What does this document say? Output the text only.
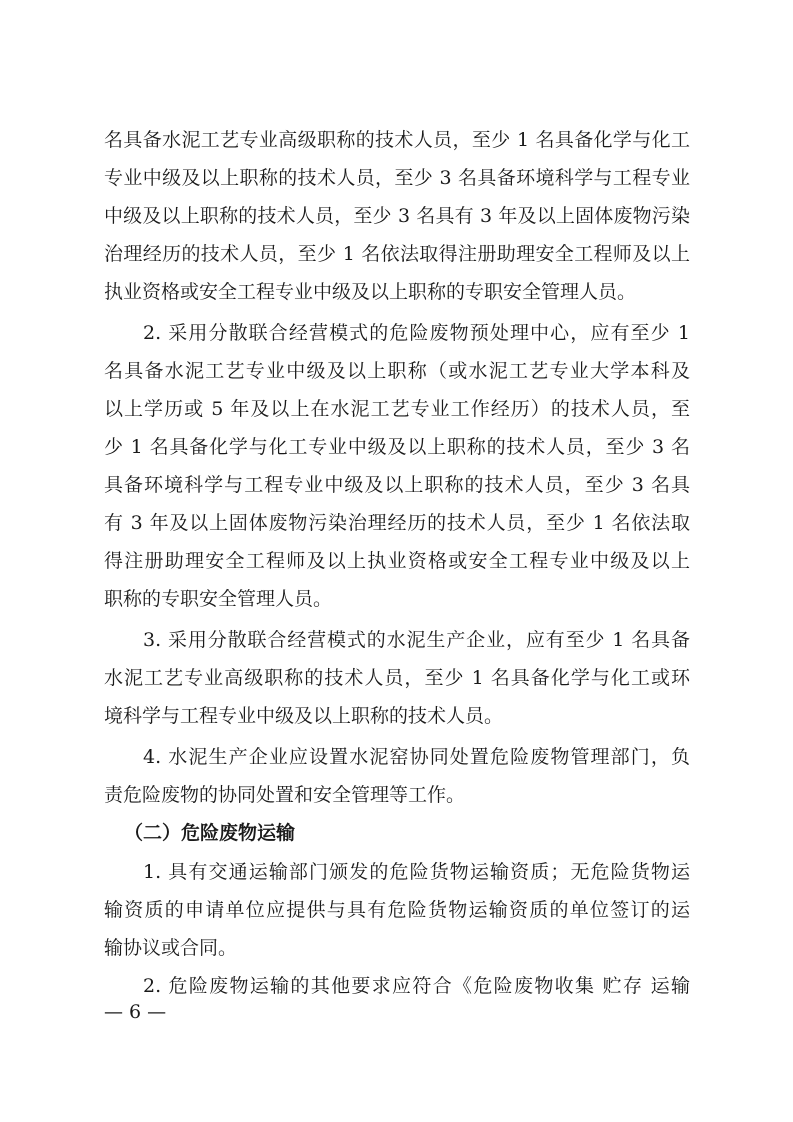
名具备水泥工艺专业高级职称的技术人员，至少 1 名具备化学与化工
专业中级及以上职称的技术人员，至少 3 名具备环境科学与工程专业
中级及以上职称的技术人员，至少 3 名具有 3 年及以上固体废物污染
治理经历的技术人员，至少 1 名依法取得注册助理安全工程师及以上
执业资格或安全工程专业中级及以上职称的专职安全管理人员。
2. 采用分散联合经营模式的危险废物预处理中心，应有至少 1
名具备水泥工艺专业中级及以上职称（或水泥工艺专业大学本科及
以上学历或 5 年及以上在水泥工艺专业工作经历）的技术人员，至
少 1 名具备化学与化工专业中级及以上职称的技术人员，至少 3 名
具备环境科学与工程专业中级及以上职称的技术人员，至少 3 名具
有 3 年及以上固体废物污染治理经历的技术人员，至少 1 名依法取
得注册助理安全工程师及以上执业资格或安全工程专业中级及以上
职称的专职安全管理人员。
3. 采用分散联合经营模式的水泥生产企业，应有至少 1 名具备
水泥工艺专业高级职称的技术人员，至少 1 名具备化学与化工或环
境科学与工程专业中级及以上职称的技术人员。
4. 水泥生产企业应设置水泥窑协同处置危险废物管理部门，负
责危险废物的协同处置和安全管理等工作。
（二）危险废物运输
1. 具有交通运输部门颁发的危险货物运输资质；无危险货物运
输资质的申请单位应提供与具有危险货物运输资质的单位签订的运
输协议或合同。
2. 危险废物运输的其他要求应符合《危险废物收集 贮存 运输
— 6 —
